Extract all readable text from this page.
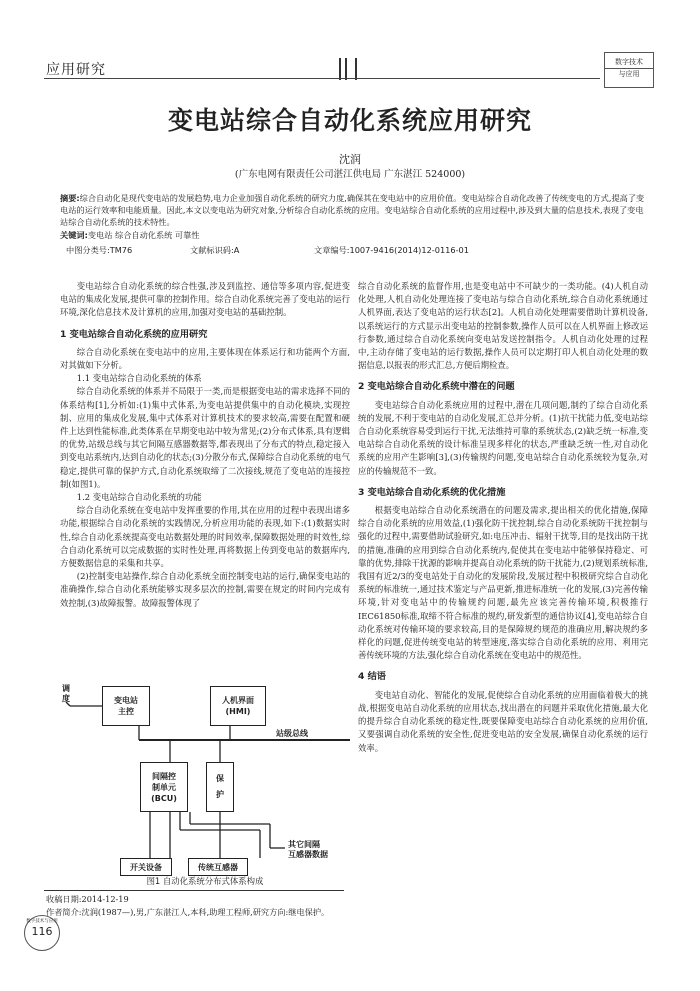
应用研究	数字技术
与应用
变电站综合自动化系统应用研究
沈润
(广东电网有限责任公司湛江供电局 广东湛江 524000)
摘要:综合自动化是现代变电站的发展趋势,电力企业加强自动化系统的研究力度,确保其在变电站中的应用价值。变电站综合自动化改善了传统变电的方式,提高了变电站的运行效率和电能质量。因此,本文以变电站为研究对象,分析综合自动化系统的应用。变电站综合自动化系统的应用过程中,涉及到大量的信息技术,表现了变电站综合自动化系统的技术特性。
关键词:变电站 综合自动化系统 可靠性
中图分类号:TM76	文献标识码:A	文章编号:1007-9416(2014)12-0116-01

变电站综合自动化系统的综合性强,涉及到监控、通信等多项内容,促进变电站的集成化发展,提供可靠的控制作用。综合自动化系统完善了变电站的运行环境,深化信息技术及计算机的应用,加强对变电站的基础控制。

1 变电站综合自动化系统的应用研究

综合自动化系统在变电站中的应用,主要体现在体系运行和功能两个方面,对其做如下分析。

1.1 变电站综合自动化系统的体系

综合自动化系统的体系并不局限于一类,而是根据变电站的需求选择不同的体系结构[1],分析如:(1)集中式体系,为变电站提供集中的自动化模块,实现控制、应用的集成化发展,集中式体系对计算机技术的要求较高,需要在配置和硬件上达到性能标准,此类体系在早期变电站中较为常见;(2)分布式体系,具有逻辑的优势,站级总线与其它间隔互感器数据等,都表现出了分布式的特点,稳定接入到变电站系统内,达到自动化的状态;(3)分散分布式,保障综合自动化系统的电气稳定,提供可靠的保护方式,自动化系统取缔了二次接线,规范了变电站的连接控制(如图1)。

1.2 变电站综合自动化系统的功能

综合自动化系统在变电站中发挥重要的作用,其在应用的过程中表现出诸多功能,根据综合自动化系统的实践情况,分析应用功能的表现,如下:(1)数据实时性,综合自动化系统提高变电站数据处理的时间效率,保障数据处理的时效性,综合自动化系统可以完成数据的实时性处理,再将数据上传到变电站的数据库内,方便数据信息的采集和共享。

(2)控制变电站操作,综合自动化系统全面控制变电站的运行,确保变电站的准确操作,综合自动化系统能够实现多层次的控制,需要在规定的时间内完成有效控制,(3)故障报警。故障报警体现了

调度	变电站
主控
人机界面
(HMI)
站级总线
间隔控
制单元
(BCU)
保
护
开关设备	传统互感器
其它间隔
互感器数据
图1 自动化系统分布式体系构成

综合自动化系统的监督作用,也是变电站中不可缺少的一类功能。(4)人机自动化处理,人机自动化处理连接了变电站与综合自动化系统,综合自动化系统通过人机界面,表达了变电站的运行状态[2]。人机自动化处理需要借助计算机设备,以系统运行的方式显示出变电站的控制参数,操作人员可以在人机界面上修改运行参数,通过综合自动化系统向变电站发送控制指令。人机自动化处理的过程中,主动存储了变电站的运行数据,操作人员可以定期打印人机自动化处理的数据信息,以报表的形式汇总,方便后期检查。

2 变电站综合自动化系统中潜在的问题

变电站综合自动化系统应用的过程中,潜在几项问题,制约了综合自动化系统的发展,不利于变电站的自动化发展,汇总并分析。(1)抗干扰能力低,变电站综合自动化系统容易受到运行干扰,无法维持可靠的系统状态,(2)缺乏统一标准,变电站综合自动化系统的设计标准呈现多样化的状态,严重缺乏统一性,对自动化系统的应用产生影响[3],(3)传输规约问题,变电站综合自动化系统较为复杂,对应的传输规范不一致。

3 变电站综合自动化系统的优化措施

根据变电站综合自动化系统潜在的问题及需求,提出相关的优化措施,保障综合自动化系统的应用效益,(1)强化防干扰控制,综合自动化系统防干扰控制与强化的过程中,需要借助试验研究,如:电压冲击、辐射干扰等,目的是找出防干扰的措施,准确的应用到综合自动化系统内,促使其在变电站中能够保持稳定、可靠的优势,排除干扰源的影响并提高自动化系统的防干扰能力,(2)规划系统标准,我国有近2/3的变电站处于自动化的发展阶段,发展过程中积极研究综合自动化系统的标准统一,通过技术鉴定与产品更新,推进标准统一化的发展,(3)完善传输环境,针对变电站中的传输规约问题,最先应该完善传输环境,积极推行IEC61850标准,取缔不符合标准的规约,研发新型的通信协议[4],变电站综合自动化系统对传输环境的要求较高,目的是保障规约规范的准确应用,解决规约多样化的问题,促进传统变电站的转型速度,落实综合自动化系统的应用、利用完善传统环境的方法,强化综合自动化系统在变电站中的规范性。

4 结语

变电站自动化、智能化的发展,促使综合自动化系统的应用面临着极大的挑战,根据变电站自动化系统的应用状态,找出潜在的问题并采取优化措施,最大化的提升综合自动化系统的稳定性,既要保障变电站综合自动化系统的应用价值,又要强调自动化系统的安全性,促进变电站的安全发展,确保自动化系统的运行效率。

收稿日期:2014-12-19
作者简介:沈润(1987—),男,广东湛江人,本科,助理工程师,研究方向:继电保护。
数字技术与应用
116
